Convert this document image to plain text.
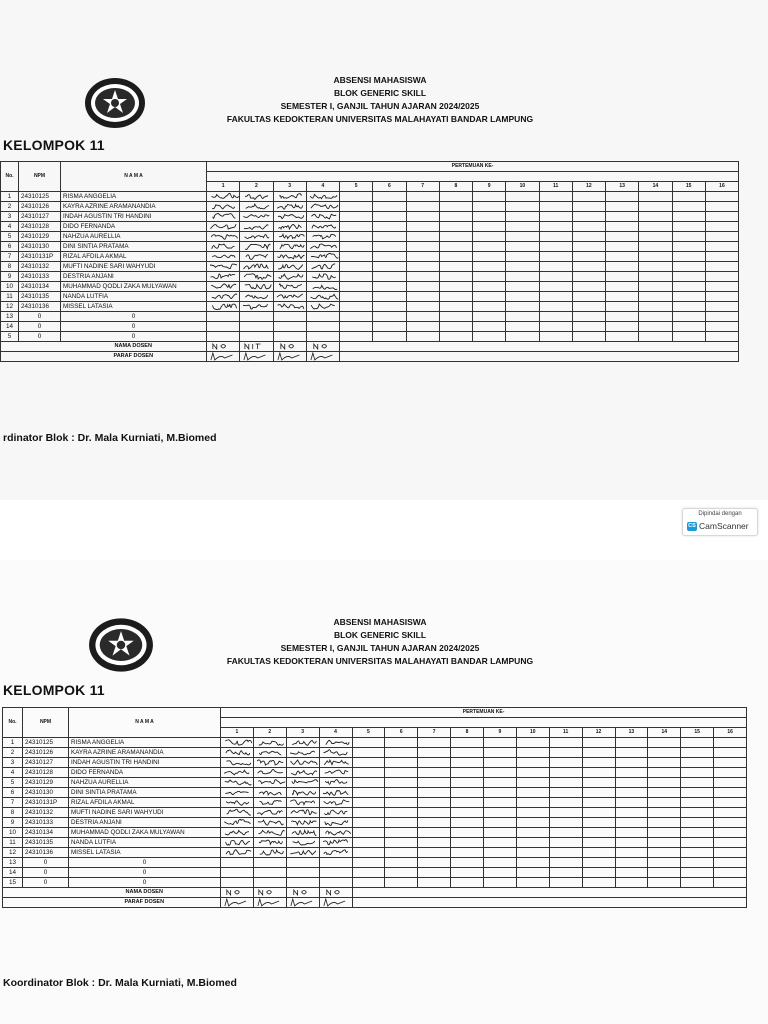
ABSENSI MAHASISWA
BLOK GENERIC SKILL
SEMESTER I, GANJIL TAHUN AJARAN 2024/2025
FAKULTAS KEDOKTERAN UNIVERSITAS MALAHAYATI BANDAR LAMPUNG
KELOMPOK 11
No.	NPM	N A M A	PERTEMUAN KE-															

			1	2	3	4	5	6	7	8	9	10	11	12	13	14	15	16
1	24310125	RISMA ANGGELIA	

2	24310126	KAYRA AZRINE ARAMANANDIA	

3	24310127	INDAH AGUSTIN TRI HANDINI	

4	24310128	DIDO FERNANDA	

5	24310129	NAHZUA AURELLIA	

6	24310130	DINI SINTIA PRATAMA	

7	24310131P	RIZAL AFDILA AKMAL	

8	24310132	MUFTI NADINE SARI WAHYUDI	

9	24310133	DESTRIA ANJANI	

10	24310134	MUHAMMAD QODLI ZAKA MULYAWAN	

11	24310135	NANDA LUTFIA	

12	24310136	MISSEL LATASIA	

13	0	0																
14	0	0																
5	0	0																
		NAMA DOSEN	

		PARAF DOSEN	

rdinator Blok : Dr. Mala Kurniati, M.Biomed
Dipindai dengan
CS CamScanner
ABSENSI MAHASISWA
BLOK GENERIC SKILL
SEMESTER I, GANJIL TAHUN AJARAN 2024/2025
FAKULTAS KEDOKTERAN UNIVERSITAS MALAHAYATI BANDAR LAMPUNG
KELOMPOK 11
No.	NPM	N A M A	PERTEMUAN KE-															

			1	2	3	4	5	6	7	8	9	10	11	12	13	14	15	16
1	24310125	RISMA ANGGELIA	

2	24310126	KAYRA AZRINE ARAMANANDIA	

3	24310127	INDAH AGUSTIN TRI HANDINI	

4	24310128	DIDO FERNANDA	

5	24310129	NAHZUA AURELLIA	

6	24310130	DINI SINTIA PRATAMA	

7	24310131P	RIZAL AFDILA AKMAL	

8	24310132	MUFTI NADINE SARI WAHYUDI	

9	24310133	DESTRIA ANJANI	

10	24310134	MUHAMMAD QODLI ZAKA MULYAWAN	

11	24310135	NANDA LUTFIA	

12	24310136	MISSEL LATASIA	

13	0	0																
14	0	0																
15	0	0																
		NAMA DOSEN	

		PARAF DOSEN	

Koordinator Blok : Dr. Mala Kurniati, M.Biomed
